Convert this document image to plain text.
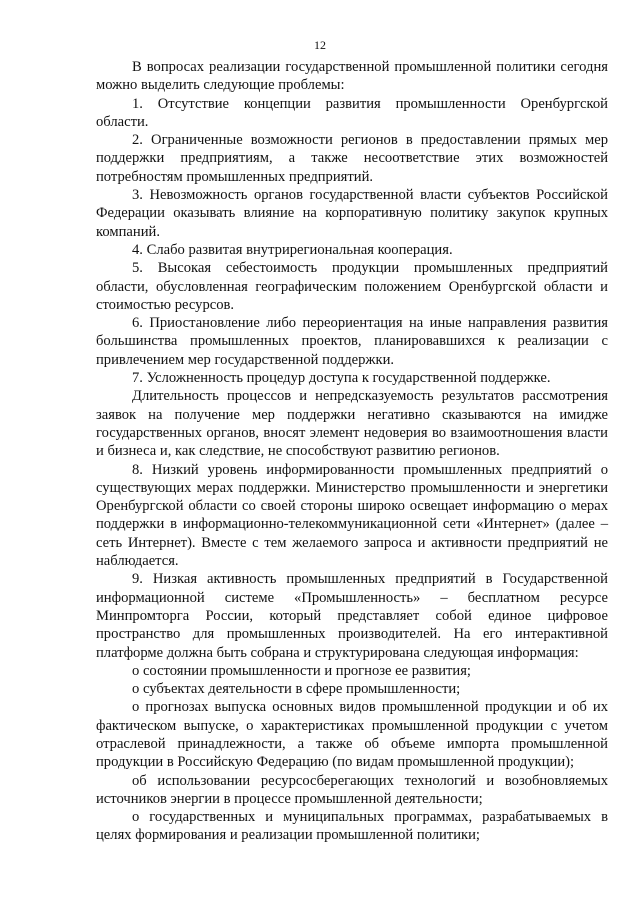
12

В вопросах реализации государственной промышленной политики сегодня можно выделить следующие проблемы:

1. Отсутствие концепции развития промышленности Оренбургской области.

2. Ограниченные возможности регионов в предоставлении прямых мер поддержки предприятиям, а также несоответствие этих возможностей потребностям промышленных предприятий.

3. Невозможность органов государственной власти субъектов Российской Федерации оказывать влияние на корпоративную политику закупок крупных компаний.

4. Слабо развитая внутрирегиональная кооперация.

5. Высокая себестоимость продукции промышленных предприятий области, обусловленная географическим положением Оренбургской области и стоимостью ресурсов.

6. Приостановление либо переориентация на иные направления развития большинства промышленных проектов, планировавшихся к реализации с привлечением мер государственной поддержки.

7. Усложненность процедур доступа к государственной поддержке.

Длительность процессов и непредсказуемость результатов рассмотрения заявок на получение мер поддержки негативно сказываются на имидже государственных органов, вносят элемент недоверия во взаимоотношения власти и бизнеса и, как следствие, не способствуют развитию регионов.

8. Низкий уровень информированности промышленных предприятий о существующих мерах поддержки. Министерство промышленности и энергетики Оренбургской области со своей стороны широко освещает информацию о мерах поддержки в информационно-телекоммуникационной сети «Интернет» (далее – сеть Интернет). Вместе с тем желаемого запроса и активности предприятий не наблюдается.

9. Низкая активность промышленных предприятий в Государственной информационной системе «Промышленность» – бесплатном ресурсе Минпромторга России, который представляет собой единое цифровое пространство для промышленных производителей. На его интерактивной платформе должна быть собрана и структурирована следующая информация:

о состоянии промышленности и прогнозе ее развития;

о субъектах деятельности в сфере промышленности;

о прогнозах выпуска основных видов промышленной продукции и об их фактическом выпуске, о характеристиках промышленной продукции с учетом отраслевой принадлежности, а также об объеме импорта промышленной продукции в Российскую Федерацию (по видам промышленной продукции);

об использовании ресурсосберегающих технологий и возобновляемых источников энергии в процессе промышленной деятельности;

о государственных и муниципальных программах, разрабатываемых в целях формирования и реализации промышленной политики;
